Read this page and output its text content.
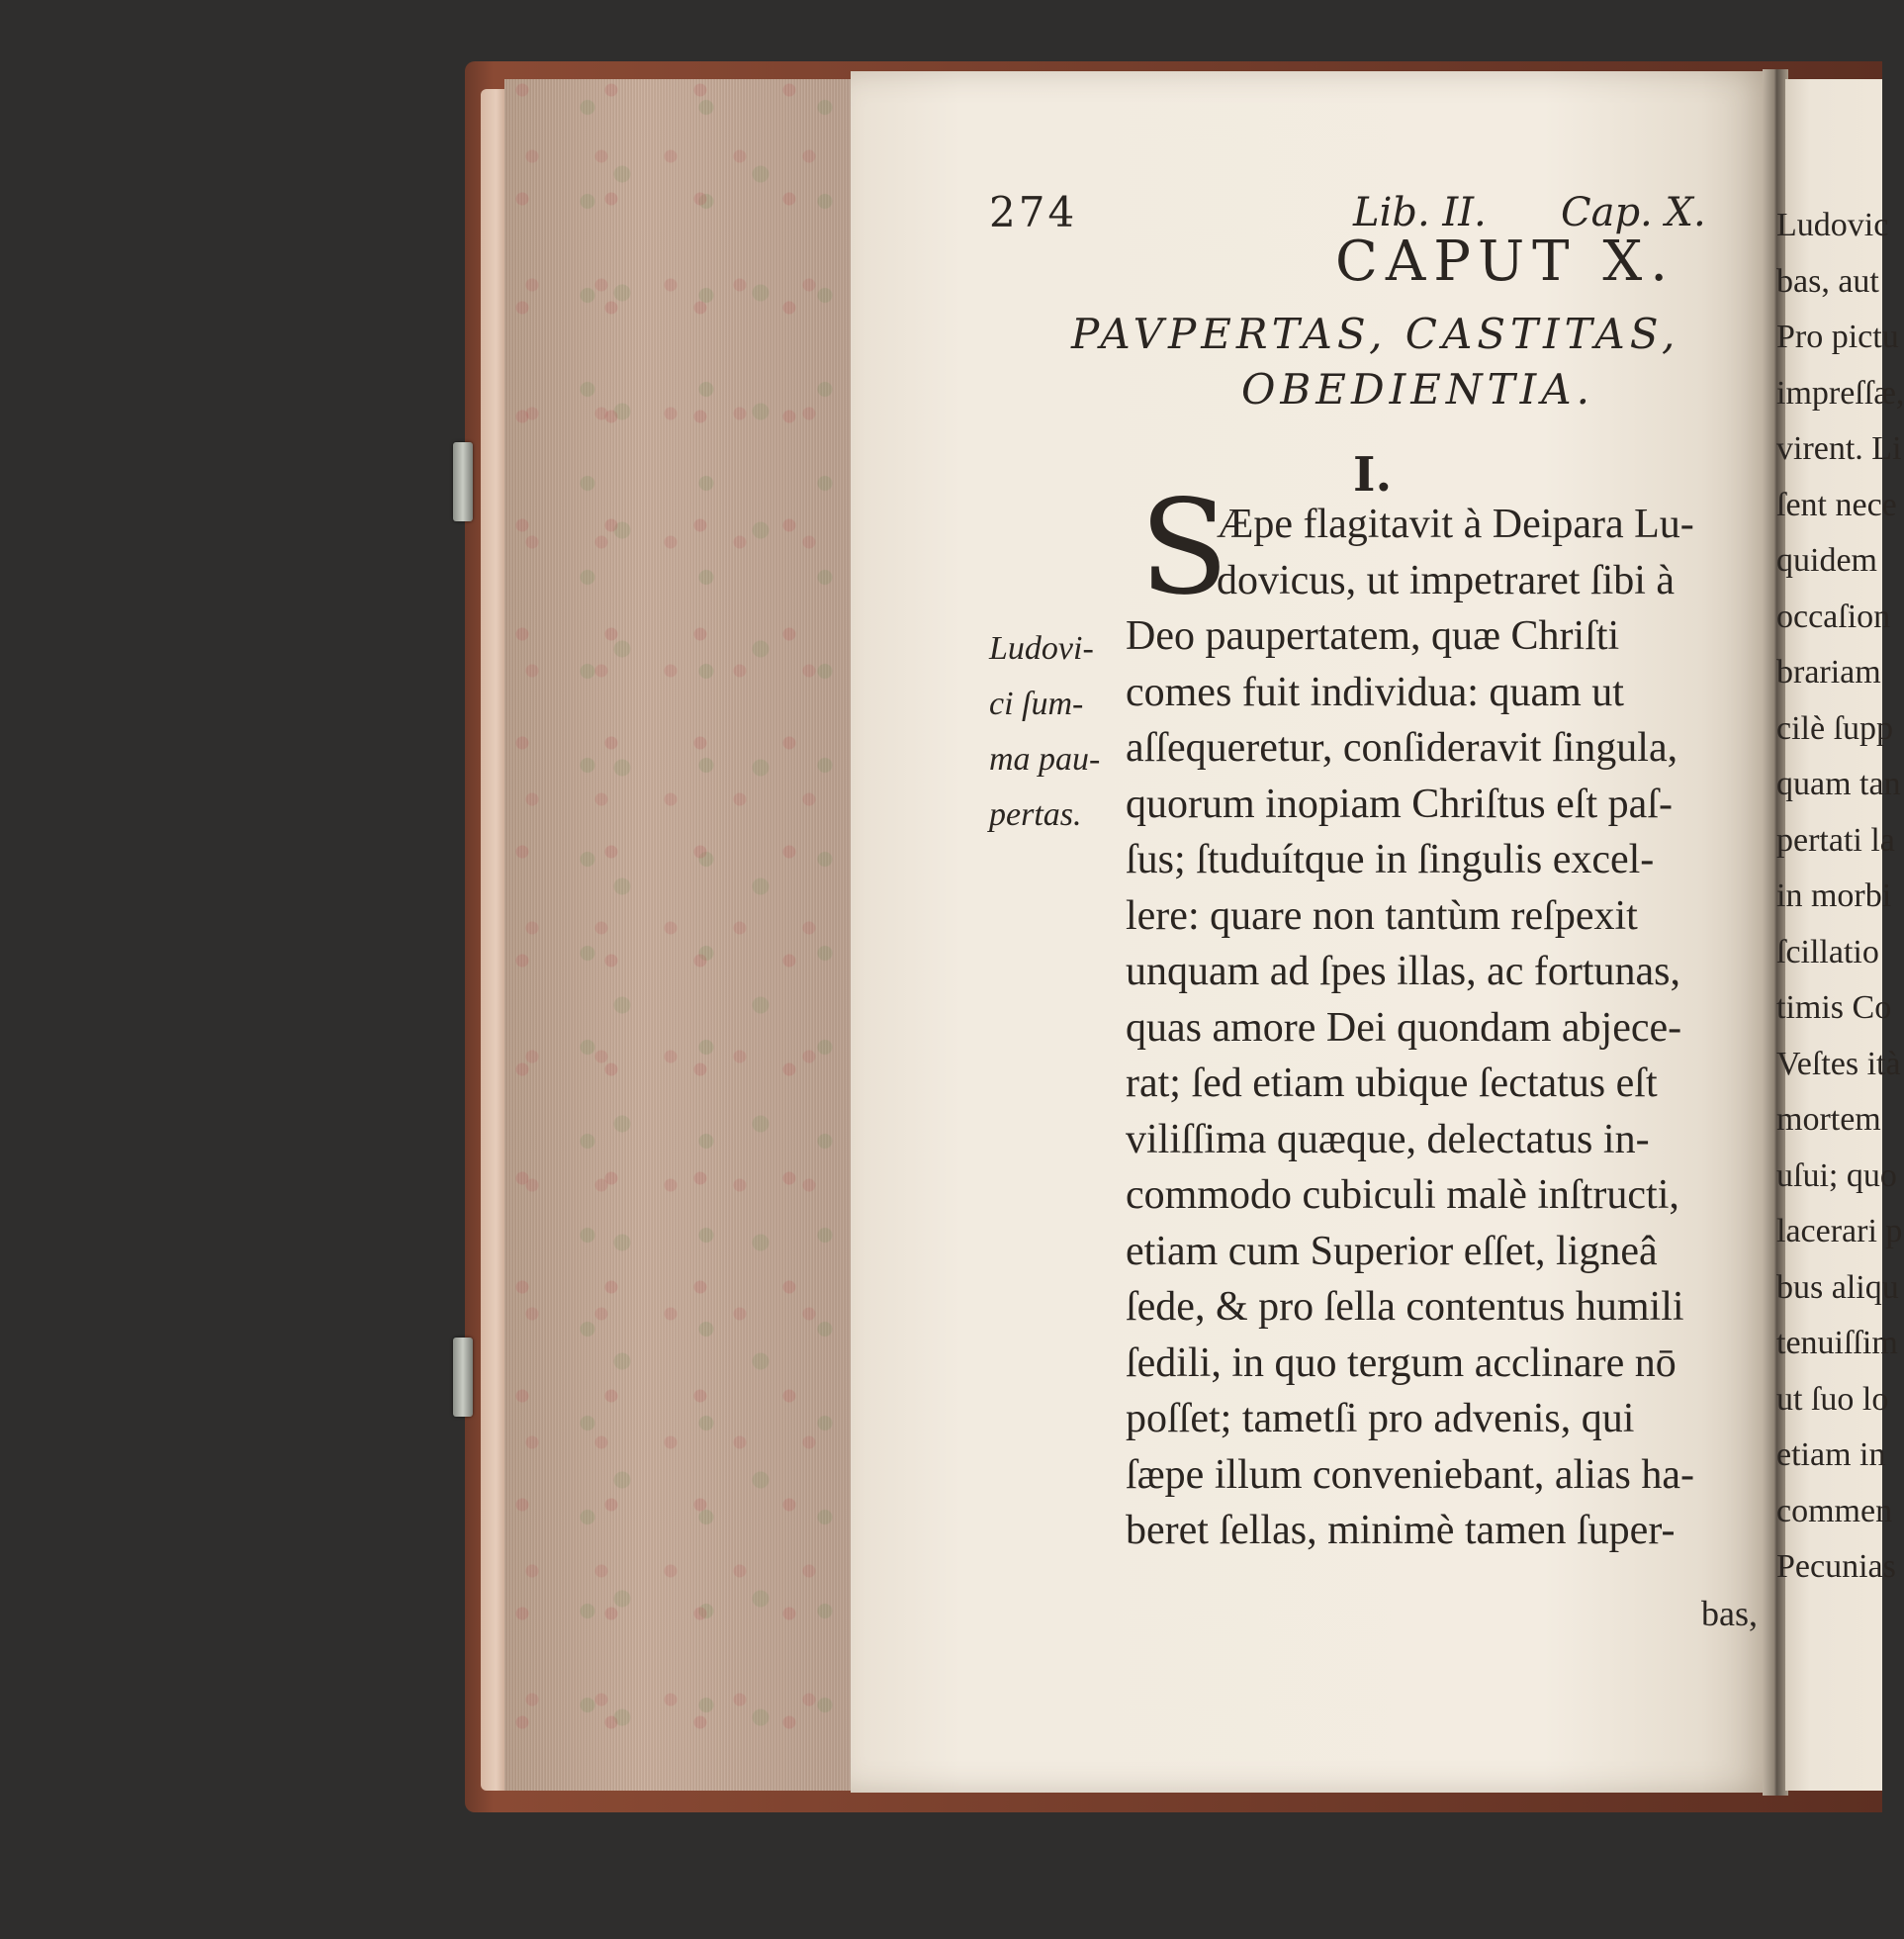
274	Lib. II. Cap. X.
CAPUT X.
PAVPERTAS, CASTITAS,
OBEDIENTIA.
I.
S
Æpe flagitavit à Deipara Lu-
dovicus, ut impetraret ſibi à
Deo paupertatem, quæ Chriſti
comes fuit individua: quam ut
aſſequeretur, conſideravit ſingula,
quorum inopiam Chriſtus eſt paſ-
ſus; ſtuduítque in ſingulis excel-
lere: quare non tantùm reſpexit
unquam ad ſpes illas, ac fortunas,
quas amore Dei quondam abjece-
rat; ſed etiam ubique ſectatus eſt
viliſſima quæque, delectatus in-
commodo cubiculi malè inſtructi,
etiam cum Superior eſſet, ligneâ
ſede, & pro ſella contentus humili
ſedili, in quo tergum acclinare nō
poſſet; tametſi pro advenis, qui
ſæpe illum conveniebant, alias ha-
beret ſellas, minimè tamen ſuper-
bas,
Ludovi-
ci ſum-
ma pau-
pertas.
Ludovic
bas, aut
Pro pictu
impreſſæ,
virent. Li
ſent nece
quidem
occaſion
brariam
cilè ſupp
quam tan
pertati la
in morbi
ſcillatio
timis Co
Veſtes ità
mortem
uſui; quo
lacerari p
bus aliqu
tenuiſſim
ut ſuo lo
etiam in
commen
Pecunias
